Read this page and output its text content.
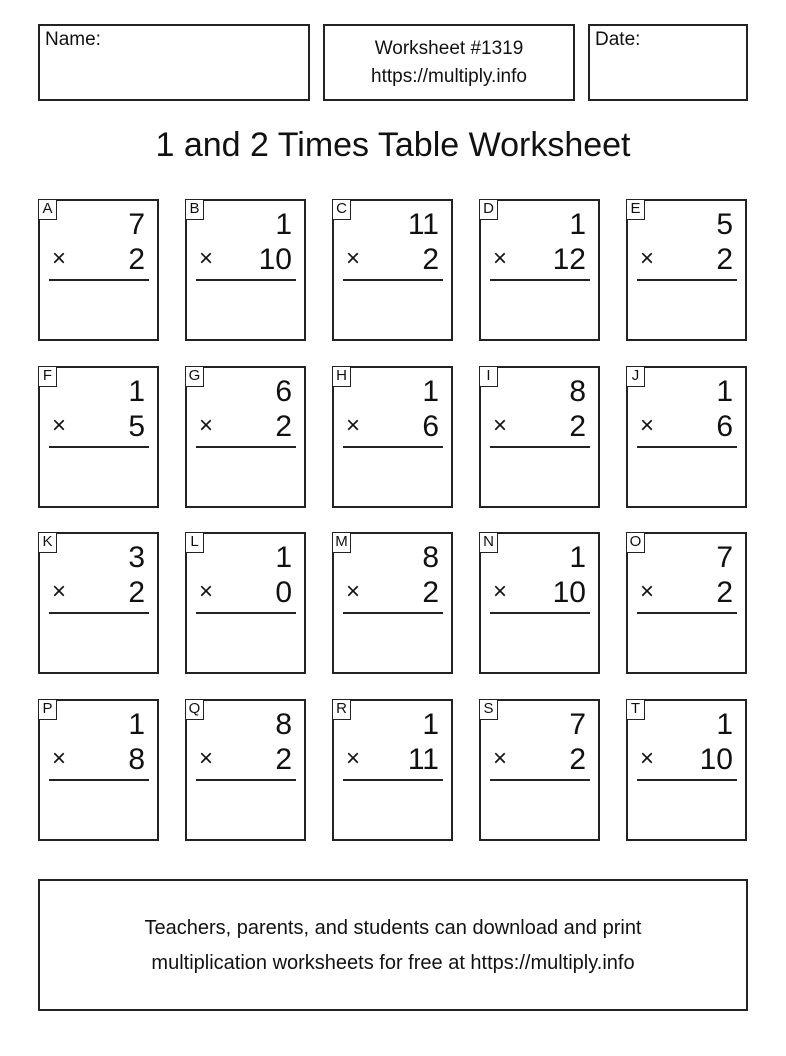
Name:	Worksheet #1319
https://multiply.info
Date:
1 and 2 Times Table Worksheet
A	7
× 2
B	1
× 10
C 11
× 2
D	1
× 12
E	5
× 2
F	1
× 5
G 6
× 2
H	1
× 6
I	8
× 2
J	1
× 6
K	3
× 2
L	1
× 0
M 8
× 2
N	1
× 10
O 7
× 2
P	1
× 8
Q 8
× 2
R	1
× 11
S	7
× 2
T	1
× 10
Teachers, parents, and students can download and print
multiplication worksheets for free at https://multiply.info
